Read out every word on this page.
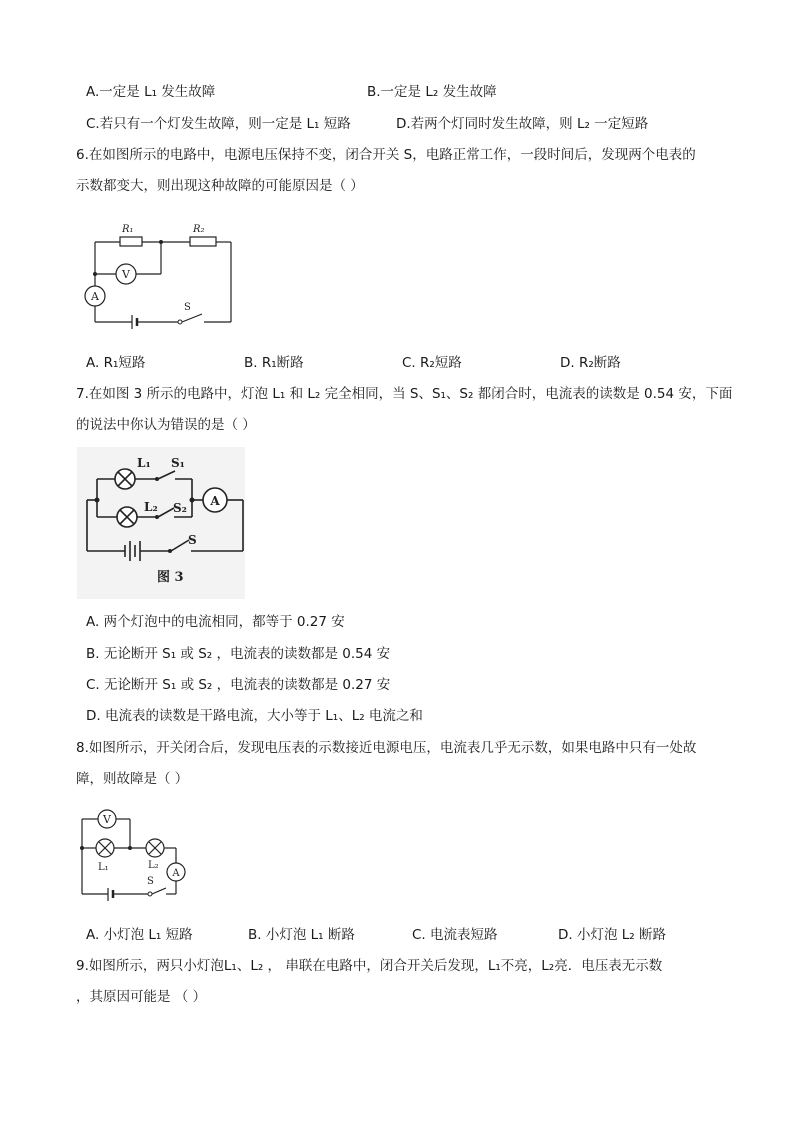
A.一定是 L₁ 发生故障	B.一定是 L₂ 发生故障
C.若只有一个灯发生故障，则一定是 L₁ 短路	D.若两个灯同时发生故障，则 L₂ 一定短路
6.在如图所示的电路中，电源电压保持不变，闭合开关 S，电路正常工作，一段时间后，发现两个电表的
示数都变大，则出现这种故障的可能原因是（ ）
R₁	R₂
V
A
S
A. R₁短路	B. R₁断路	C. R₂短路	D. R₂断路
7.在如图 3 所示的电路中，灯泡 L₁ 和 L₂ 完全相同，当 S、S₁、S₂ 都闭合时，电流表的读数是 0.54 安，下面
的说法中你认为错误的是（ ）
L₁ S₁
L₂ S₂ A
S
图 3
A. 两个灯泡中的电流相同，都等于 0.27 安
B. 无论断开 S₁ 或 S₂ ，电流表的读数都是 0.54 安
C. 无论断开 S₁ 或 S₂ ，电流表的读数都是 0.27 安
D. 电流表的读数是干路电流，大小等于 L₁、L₂ 电流之和
8.如图所示，开关闭合后，发现电压表的示数接近电源电压，电流表几乎无示数，如果电路中只有一处故
障，则故障是（ ）
V
L₁	L₂
S
A
A. 小灯泡 L₁ 短路	B. 小灯泡 L₁ 断路	C. 电流表短路	D. 小灯泡 L₂ 断路
9.如图所示，两只小灯泡L₁、L₂ ， 串联在电路中，闭合开关后发现，L₁不亮，L₂亮．电压表无示数
，其原因可能是 （ ）
